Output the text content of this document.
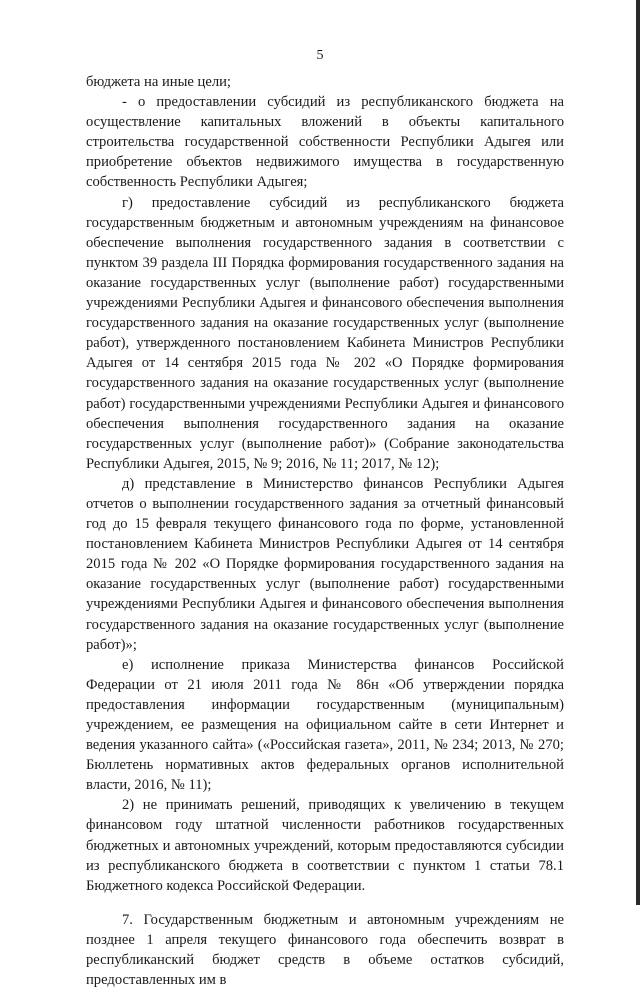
5

бюджета на иные цели;

- о предоставлении субсидий из республиканского бюджета на осуществление капитальных вложений в объекты капитального строительства государственной собственности Республики Адыгея или приобретение объектов недвижимого имущества в государственную собственность Республики Адыгея;

г) предоставление субсидий из республиканского бюджета государственным бюджетным и автономным учреждениям на финансовое обеспечение выполнения государственного задания в соответствии с пунктом 39 раздела III Порядка формирования государственного задания на оказание государственных услуг (выполнение работ) государственными учреждениями Республики Адыгея и финансового обеспечения выполнения государственного задания на оказание государственных услуг (выполнение работ), утвержденного постановлением Кабинета Министров Республики Адыгея от 14 сентября 2015 года № 202 «О Порядке формирования государственного задания на оказание государственных услуг (выполнение работ) государственными учреждениями Республики Адыгея и финансового обеспечения выполнения государственного задания на оказание государственных услуг (выполнение работ)» (Собрание законодательства Республики Адыгея, 2015, № 9; 2016, № 11; 2017, № 12);

д) представление в Министерство финансов Республики Адыгея отчетов о выполнении государственного задания за отчетный финансовый год до 15 февраля текущего финансового года по форме, установленной постановлением Кабинета Министров Республики Адыгея от 14 сентября 2015 года № 202 «О Порядке формирования государственного задания на оказание государственных услуг (выполнение работ) государственными учреждениями Республики Адыгея и финансового обеспечения выполнения государственного задания на оказание государственных услуг (выполнение работ)»;

е) исполнение приказа Министерства финансов Российской Федерации от 21 июля 2011 года № 86н «Об утверждении порядка предоставления информации государственным (муниципальным) учреждением, ее размещения на официальном сайте в сети Интернет и ведения указанного сайта» («Российская газета», 2011, № 234; 2013, № 270; Бюллетень нормативных актов федеральных органов исполнительной власти, 2016, № 11);

2) не принимать решений, приводящих к увеличению в текущем финансовом году штатной численности работников государственных бюджетных и автономных учреждений, которым предоставляются субсидии из республиканского бюджета в соответствии с пунктом 1 статьи 78.1 Бюджетного кодекса Российской Федерации.

7. Государственным бюджетным и автономным учреждениям не позднее 1 апреля текущего финансового года обеспечить возврат в республиканский бюджет средств в объеме остатков субсидий, предоставленных им в
